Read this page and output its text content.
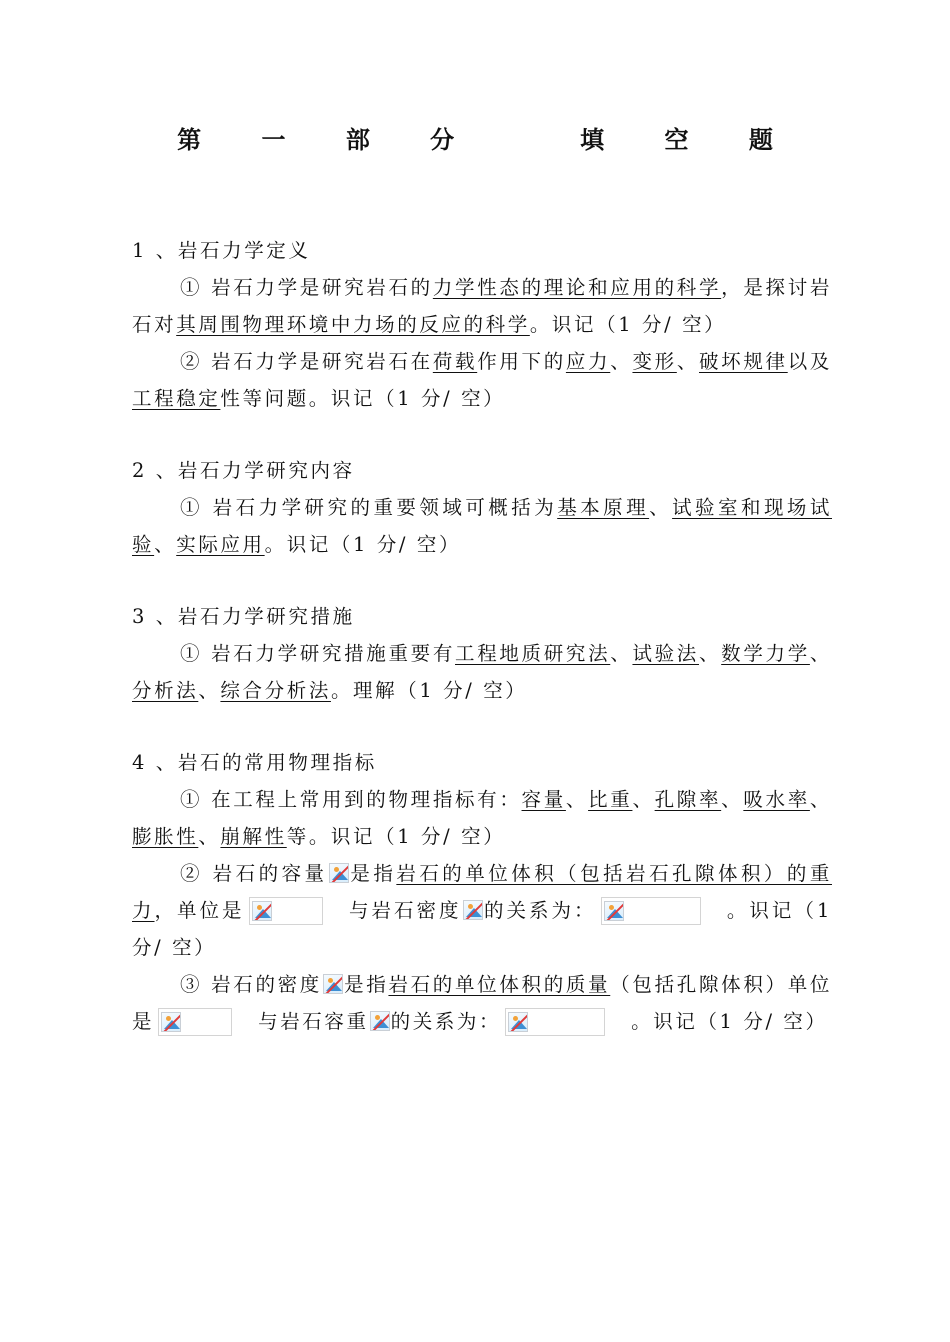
第 一 部 分　　填 空 题

1 、岩石力学定义

① 岩石力学是研究岩石的力学性态的理论和应用的科学，是探讨岩石对其周围物理环境中力场的反应的科学。识记（1 分/ 空）

② 岩石力学是研究岩石在荷载作用下的应力、变形、破坏规律以及工程稳定性等问题。识记（1 分/ 空）

2 、岩石力学研究内容

① 岩石力学研究的重要领域可概括为基本原理、试验室和现场试验、实际应用。识记（1 分/ 空）

3 、岩石力学研究措施

① 岩石力学研究措施重要有工程地质研究法、试验法、数学力学、分析法、综合分析法。理解（1 分/ 空）

4 、岩石的常用物理指标

① 在工程上常用到的物理指标有：容量、比重、孔隙率、吸水率、膨胀性、崩解性等。识记（1 分/ 空）

② 岩石的容量 是指岩石的单位体积（包括岩石孔隙体积）的重力，单位是	与岩石密度 的关系为：	。识记（1 分/ 空）

③ 岩石的密度 是指岩石的单位体积的质量（包括孔隙体积）单位是	与岩石容重 的关系为：	。识记（1 分/ 空）
